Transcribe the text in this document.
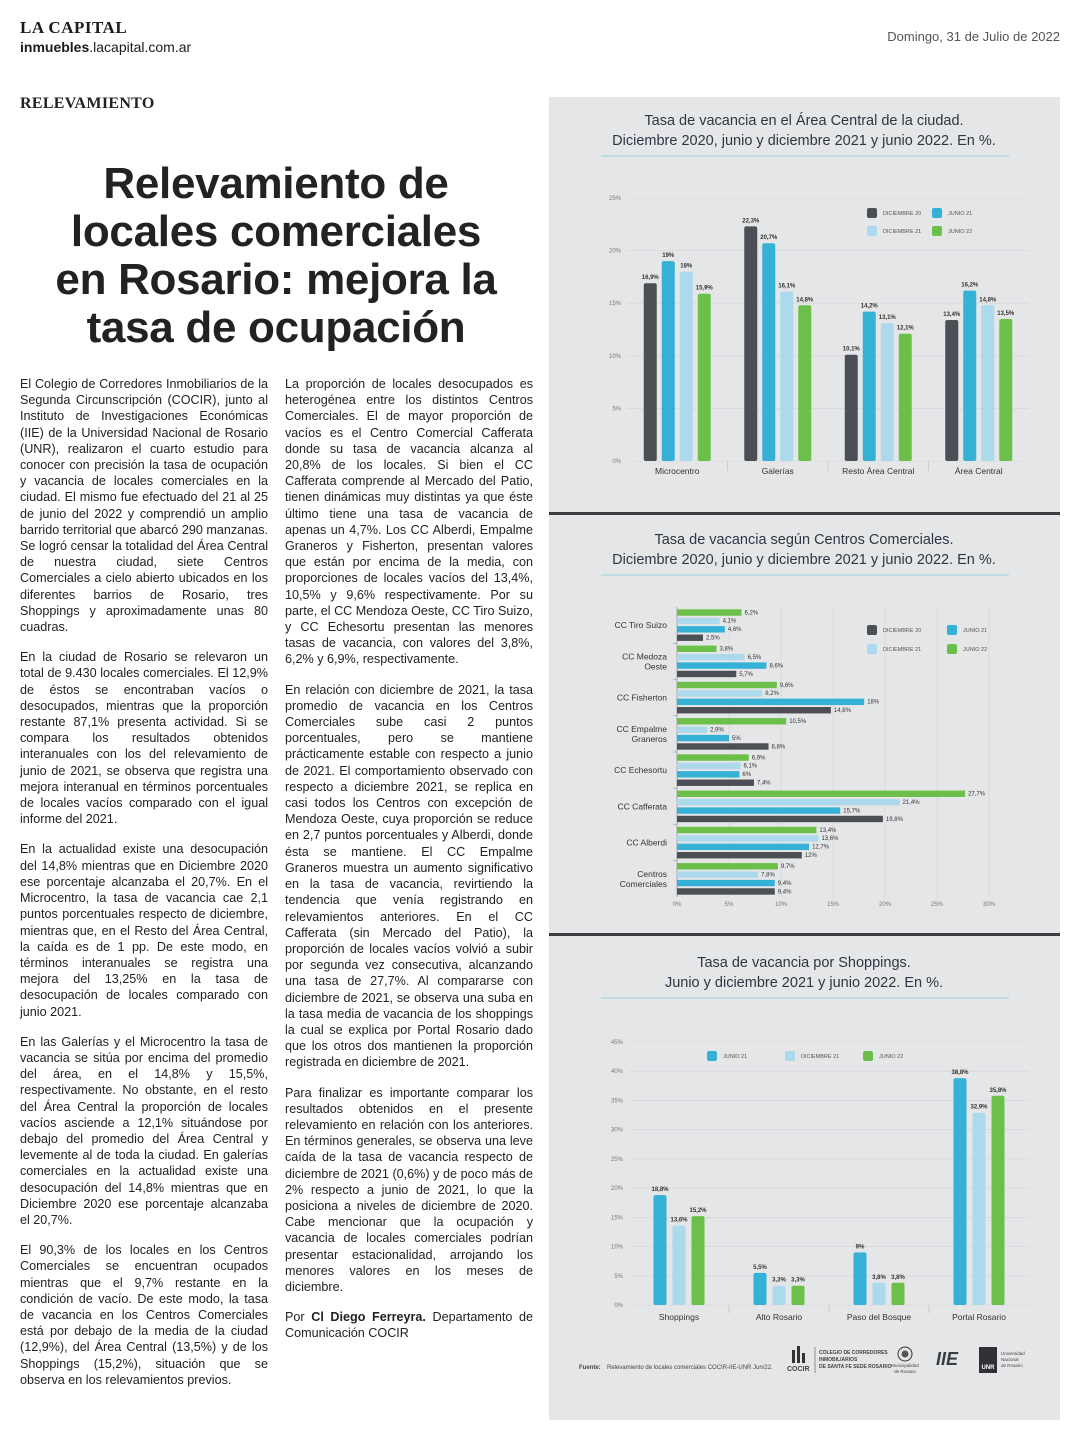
LA CAPITAL
inmuebles.lacapital.com.ar
Domingo, 31 de Julio de 2022
RELEVAMIENTO
Relevamiento de
locales comerciales
en Rosario: mejora la
tasa de ocupación

El Colegio de Corredores Inmobiliarios de la Segunda Circunscripción (COCIR), junto al Instituto de Investigaciones Económicas (IIE) de la Universidad Nacional de Rosario (UNR), realizaron el cuarto estudio para conocer con precisión la tasa de ocupación y vacancia de locales comerciales en la ciudad. El mismo fue efectuado del 21 al 25 de junio del 2022 y comprendió un amplio barrido territorial que abarcó 290 manzanas. Se logró censar la totalidad del Área Central de nuestra ciudad, siete Centros Comerciales a cielo abierto ubicados en los diferentes barrios de Rosario, tres Shoppings y aproximadamente unas 80 cuadras.

En la ciudad de Rosario se relevaron un total de 9.430 locales comerciales. El 12,9% de éstos se encontraban vacíos o desocupados, mientras que la proporción restante 87,1% presenta actividad. Si se compara los resultados obtenidos interanuales con los del relevamiento de junio de 2021, se observa que registra una mejora interanual en términos porcentuales de locales vacíos comparado con el igual informe del 2021.

En la actualidad existe una desocupación del 14,8% mientras que en Diciembre 2020 ese porcentaje alcanzaba el 20,7%. En el Microcentro, la tasa de vacancia cae 2,1 puntos porcentuales respecto de diciembre, mientras que, en el Resto del Área Central, la caída es de 1 pp. De este modo, en términos interanuales se registra una mejora del 13,25% en la tasa de desocupación de locales comparado con junio 2021.

En las Galerías y el Microcentro la tasa de vacancia se sitúa por encima del promedio del área, en el 14,8% y 15,5%, respectivamente. No obstante, en el resto del Área Central la proporción de locales vacíos asciende a 12,1% situándose por debajo del promedio del Área Central y levemente al de toda la ciudad. En galerías comerciales en la actualidad existe una desocupación del 14,8% mientras que en Diciembre 2020 ese porcentaje alcanzaba el 20,7%.

El 90,3% de los locales en los Centros Comerciales se encuentran ocupados mientras que el 9,7% restante en la condición de vacío. De este modo, la tasa de vacancia en los Centros Comerciales está por debajo de la media de la ciudad (12,9%), del Área Central (13,5%) y de los Shoppings (15,2%), situación que se observa en los relevamientos previos.

La proporción de locales desocupados es heterogénea entre los distintos Centros Comerciales. El de mayor proporción de vacíos es el Centro Comercial Cafferata donde su tasa de vacancia alcanza al 20,8% de los locales. Si bien el CC Cafferata comprende al Mercado del Patio, tienen dinámicas muy distintas ya que éste último tiene una tasa de vacancia de apenas un 4,7%. Los CC Alberdi, Empalme Graneros y Fisherton, presentan valores que están por encima de la media, con proporciones de locales vacíos del 13,4%, 10,5% y 9,6% respectivamente. Por su parte, el CC Mendoza Oeste, CC Tiro Suizo, y CC Echesortu presentan las menores tasas de vacancia, con valores del 3,8%, 6,2% y 6,9%, respectivamente.

En relación con diciembre de 2021, la tasa promedio de vacancia en los Centros Comerciales sube casi 2 puntos porcentuales, pero se mantiene prácticamente estable con respecto a junio de 2021. El comportamiento observado con respecto a diciembre 2021, se replica en casi todos los Centros con excepción de Mendoza Oeste, cuya proporción se reduce en 2,7 puntos porcentuales y Alberdi, donde ésta se mantiene. El CC Empalme Graneros muestra un aumento significativo en la tasa de vacancia, revirtiendo la tendencia que venía registrando en relevamientos anteriores. En el CC Cafferata (sin Mercado del Patio), la proporción de locales vacíos volvió a subir por segunda vez consecutiva, alcanzando una tasa de 27,7%. Al compararse con diciembre de 2021, se observa una suba en la tasa media de vacancia de los shoppings la cual se explica por Portal Rosario dado que los otros dos mantienen la proporción registrada en diciembre de 2021.

Para finalizar es importante comparar los resultados obtenidos en el presente relevamiento en relación con los anteriores. En términos generales, se observa una leve caída de la tasa de vacancia respecto de diciembre de 2021 (0,6%) y de poco más de 2% respecto a junio de 2021, lo que la posiciona a niveles de diciembre de 2020. Cabe mencionar que la ocupación y vacancia de locales comerciales podrían presentar estacionalidad, arrojando los menores valores en los meses de diciembre.

Por Cl Diego Ferreyra. Departamento de Comunicación COCIR

Tasa de vacancia en el Área Central de la ciudad.
Diciembre 2020, junio y diciembre 2021 y junio 2022. En %.
0%
5%
10%
15%
20%
25%
16,9%
19%
18%
15,9%
Microcentro
22,3%
20,7%
16,1%
14,8%
Galerías
10,1%
14,2%
13,1%
12,1%
Resto Área Central
13,4%
16,2%
14,8%
13,5%
Área Central
DICIEMBRE 20	JUNIO 21
DICIEMBRE 21	JUNIO 22
Tasa de vacancia según Centros Comerciales.
Diciembre 2020, junio y diciembre 2021 y junio 2022. En %.
0%	5%	10%	15%	20%	25%	30%
6,2%
4,1%
4,6%
2,5%
CC Tiro Suizo
3,8%
6,5%
8,6%
5,7%
CC Medoza
Oeste
9,6%
8,2%
18%
14,8%
CC Fisherton
10,5%
2,9%
5%
8,8%
CC Empalme
Graneros
6,9%
6,1%
6%
7,4%
CC Echesortu
27,7%
21,4%
15,7%
19,8%
CC Cafferata
13,4%
13,6%
12,7%
12%
CC Alberdi
9,7%
7,8%
9,4%
9,4%
Centros
Comerciales
DICIEMBRE 20	JUNIO 21
DICIEMBRE 21	JUNIO 22
Tasa de vacancia por Shoppings.
Junio y diciembre 2021 y junio 2022. En %.
0%
5%
10%
15%
20%
25%
30%
35%
40%
45%
18,8%
13,6%
15,2%
Shoppings
5,5%
3,3% 3,3%
Alto Rosario
9%
3,8% 3,8%
Paso del Bosque
38,8%
32,9%
35,8%
Portal Rosario
JUNIO 21	DICIEMBRE 21	JUNIO 22
Fuente: Relevamiento de locales comerciales COCIR-IIE-UNR Jun/22. COCIR
COLEGIO DE CORREDORES
INMOBILIARIOS
DE SANTA FE SEDE ROSARIO Municipalidad
de Rosario
IIE	UNR
Universidad
Nacional
de Rosario
